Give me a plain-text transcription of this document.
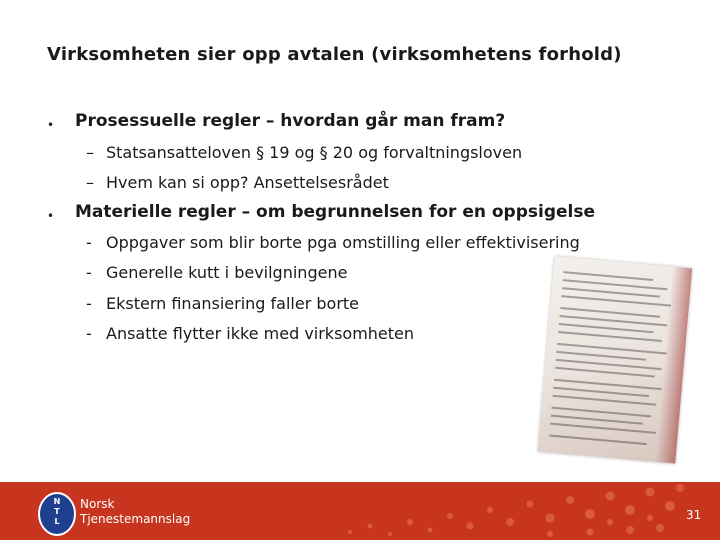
Virksomheten sier opp avtalen (virksomhetens forhold)
• Prosessuelle regler – hvordan går man fram?
– Statsansatteloven § 19 og § 20 og forvaltningsloven
– Hvem kan si opp? Ansettelsesrådet
• Materielle regler – om begrunnelsen for en oppsigelse
- Oppgaver som blir borte pga omstilling eller effektivisering
- Generelle kutt i bevilgningene
- Ekstern finansiering faller borte
- Ansatte flytter ikke med virksomheten
N
T
L
Norsk
Tjenestemannslag	31
